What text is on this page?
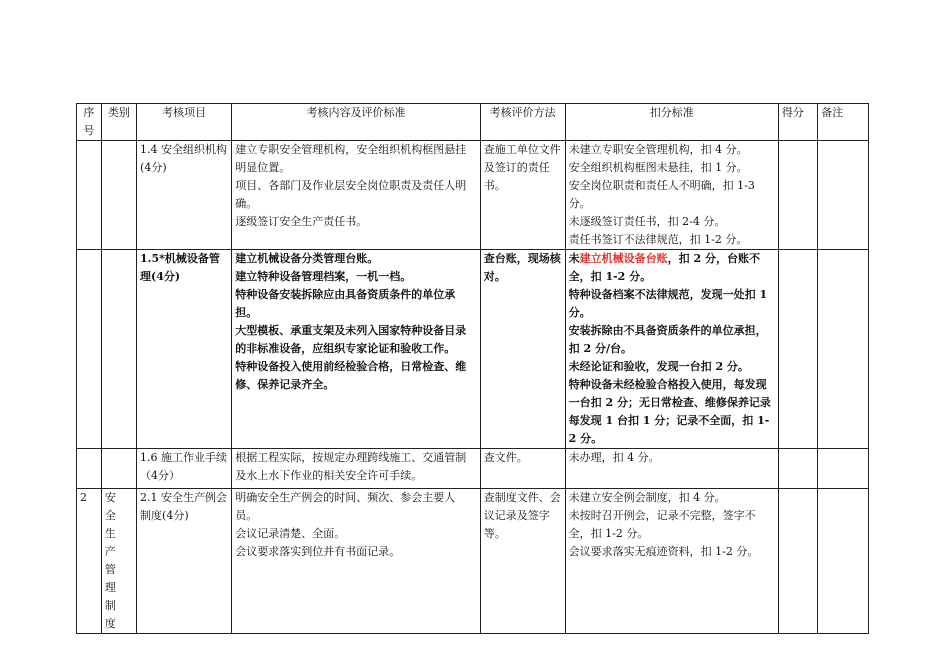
序
号	类别	考核项目	考核内容及评价标准	考核评价方法	扣分标准	得分	备注
		1.4 安全组织机构(4分)	建立专职安全管理机构，安全组织机构框图悬挂明显位置。
项目、各部门及作业层安全岗位职责及责任人明确。
逐级签订安全生产责任书。	查施工单位文件及签订的责任书。	未建立专职安全管理机构，扣 4 分。
安全组织机构框图未悬挂，扣 1 分。
安全岗位职责和责任人不明确，扣 1-3 分。
未逐级签订责任书，扣 2-4 分。
责任书签订不法律规范，扣 1-2 分。		

		1.5*机械设备管理(4分)	建立机械设备分类管理台账。
建立特种设备管理档案，一机一档。
特种设备安装拆除应由具备资质条件的单位承担。
大型模板、承重支架及未列入国家特种设备目录的非标准设备，应组织专家论证和验收工作。
特种设备投入使用前经检验合格，日常检查、维修、保养记录齐全。	查台账，现场核对。	未建立机械设备台账，扣 2 分，台账不全，扣 1-2 分。
特种设备档案不法律规范，发现一处扣 1 分。
安装拆除由不具备资质条件的单位承担，扣 2 分/台。
未经论证和验收，发现一台扣 2 分。
特种设备未经检验合格投入使用，每发现一台扣 2 分；无日常检查、维修保养记录每发现 1 台扣 1 分；记录不全面，扣 1-2 分。		

		1.6 施工作业手续（4分）	根据工程实际，按规定办理跨线施工、交通管制及水上水下作业的相关安全许可手续。	查文件。	未办理，扣 4 分。		

2	安全生产管理制度	2.1 安全生产例会制度(4分)	明确安全生产例会的时间、频次、参会主要人员。
会议记录清楚、全面。
会议要求落实到位并有书面记录。	查制度文件、会议记录及签字等。	未建立安全例会制度，扣 4 分。
未按时召开例会，记录不完整，签字不全，扣 1-2 分。
会议要求落实无痕迹资料，扣 1-2 分。		
